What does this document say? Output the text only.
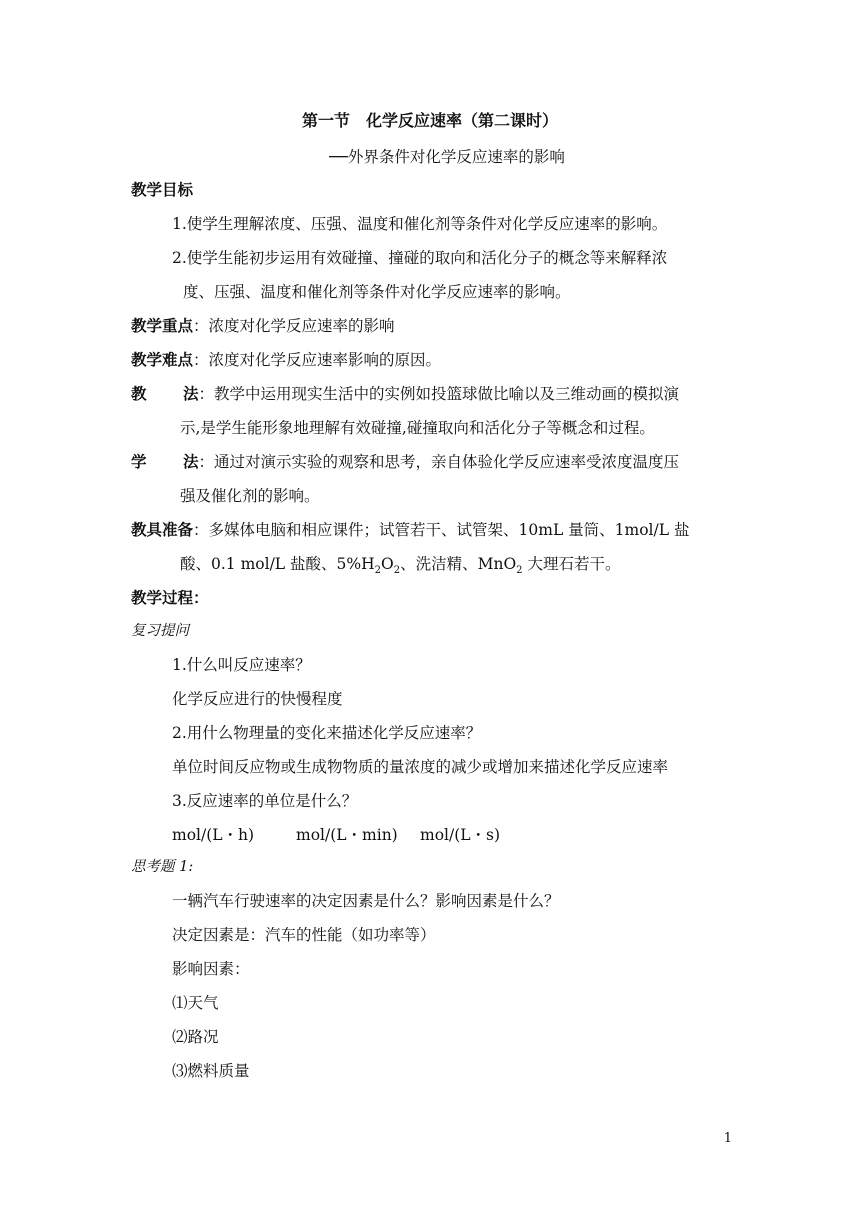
第一节　化学反应速率（第二课时）
──外界条件对化学反应速率的影响
教学目标
1.使学生理解浓度、压强、温度和催化剂等条件对化学反应速率的影响。
2.使学生能初步运用有效碰撞、撞碰的取向和活化分子的概念等来解释浓
度、压强、温度和催化剂等条件对化学反应速率的影响。
教学重点：浓度对化学反应速率的影响
教学难点：浓度对化学反应速率影响的原因。
教 法：教学中运用现实生活中的实例如投篮球做比喻以及三维动画的模拟演
示,是学生能形象地理解有效碰撞,碰撞取向和活化分子等概念和过程。
学 法：通过对演示实验的观察和思考，亲自体验化学反应速率受浓度温度压
强及催化剂的影响。
教具准备：多媒体电脑和相应课件；试管若干、试管架、10mL 量筒、1mol/L 盐
酸、0.1 mol/L 盐酸、$5\%H_2O_2$、洗洁精、MnO$_2$ 大理石若干。
教学过程：
复习提问
1.什么叫反应速率？
化学反应进行的快慢程度
2.用什么物理量的变化来描述化学反应速率？
单位时间反应物或生成物物质的量浓度的减少或增加来描述化学反应速率
3.反应速率的单位是什么？
mol/(L・h)	mol/(L・min) mol/(L・s)
思考题 1:
一辆汽车行驶速率的决定因素是什么？影响因素是什么？
决定因素是：汽车的性能（如功率等）
影响因素：
⑴天气
⑵路况
⑶燃料质量
1
